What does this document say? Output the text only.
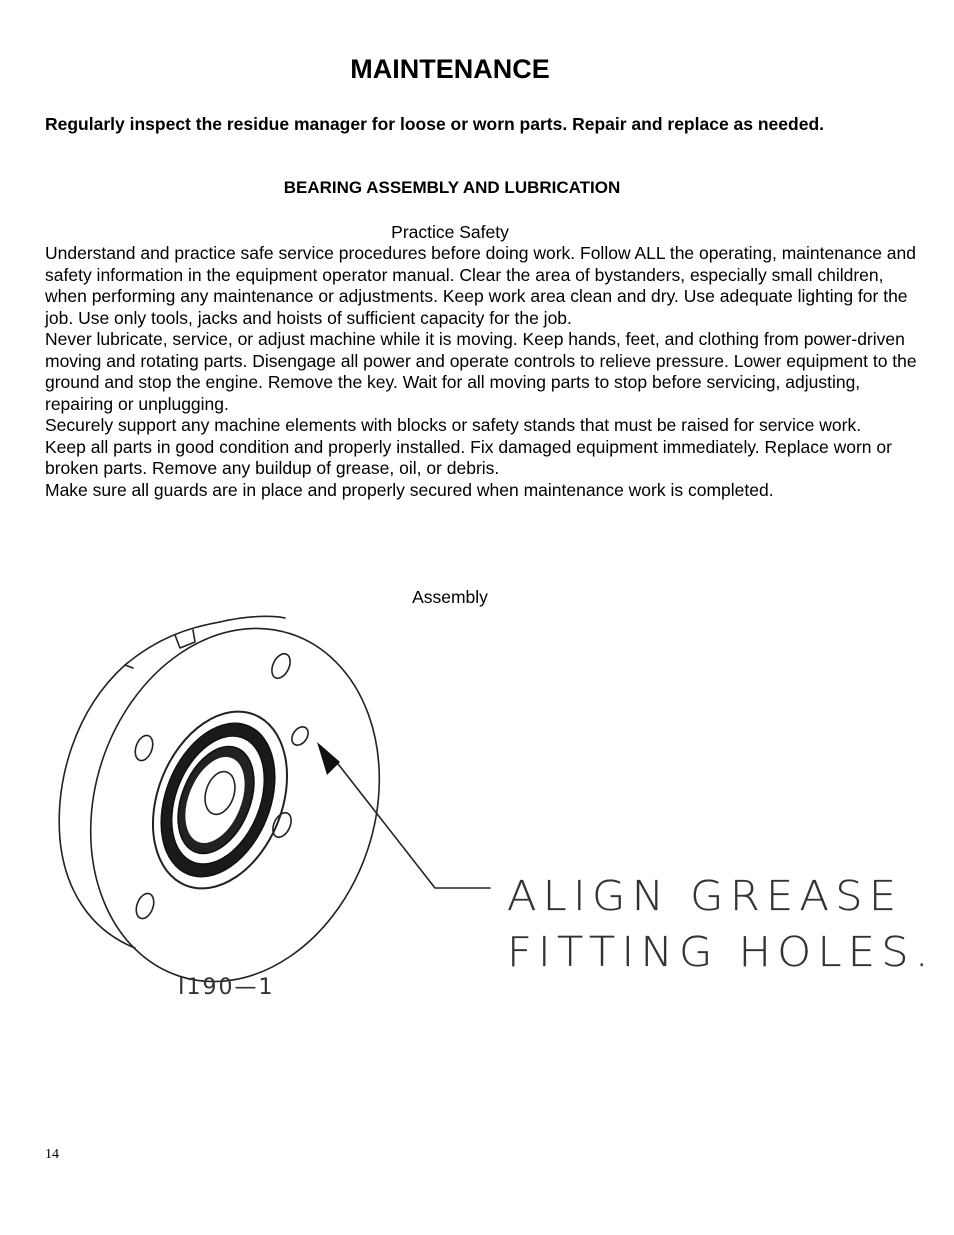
MAINTENANCE
Regularly inspect the residue manager for loose or worn parts. Repair and replace as needed.
BEARING ASSEMBLY AND LUBRICATION
Practice Safety

Understand and practice safe service procedures before doing work. Follow ALL the operating, maintenance and safety information in the equipment operator manual. Clear the area of bystanders, especially small children, when performing any maintenance or adjustments. Keep work area clean and dry. Use adequate lighting for the job. Use only tools, jacks and hoists of sufficient capacity for the job.

Never lubricate, service, or adjust machine while it is moving. Keep hands, feet, and clothing from power-driven moving and rotating parts. Disengage all power and operate controls to relieve pressure. Lower equipment to the ground and stop the engine. Remove the key. Wait for all moving parts to stop before servicing, adjusting, repairing or unplugging.

Securely support any machine elements with blocks or safety stands that must be raised for service work.

Keep all parts in good condition and properly installed. Fix damaged equipment immediately. Replace worn or broken parts. Remove any buildup of grease, oil, or debris.

Make sure all guards are in place and properly secured when maintenance work is completed.

Assembly
ALIGN GREASE
FITTING HOLES.
I190—1
14
